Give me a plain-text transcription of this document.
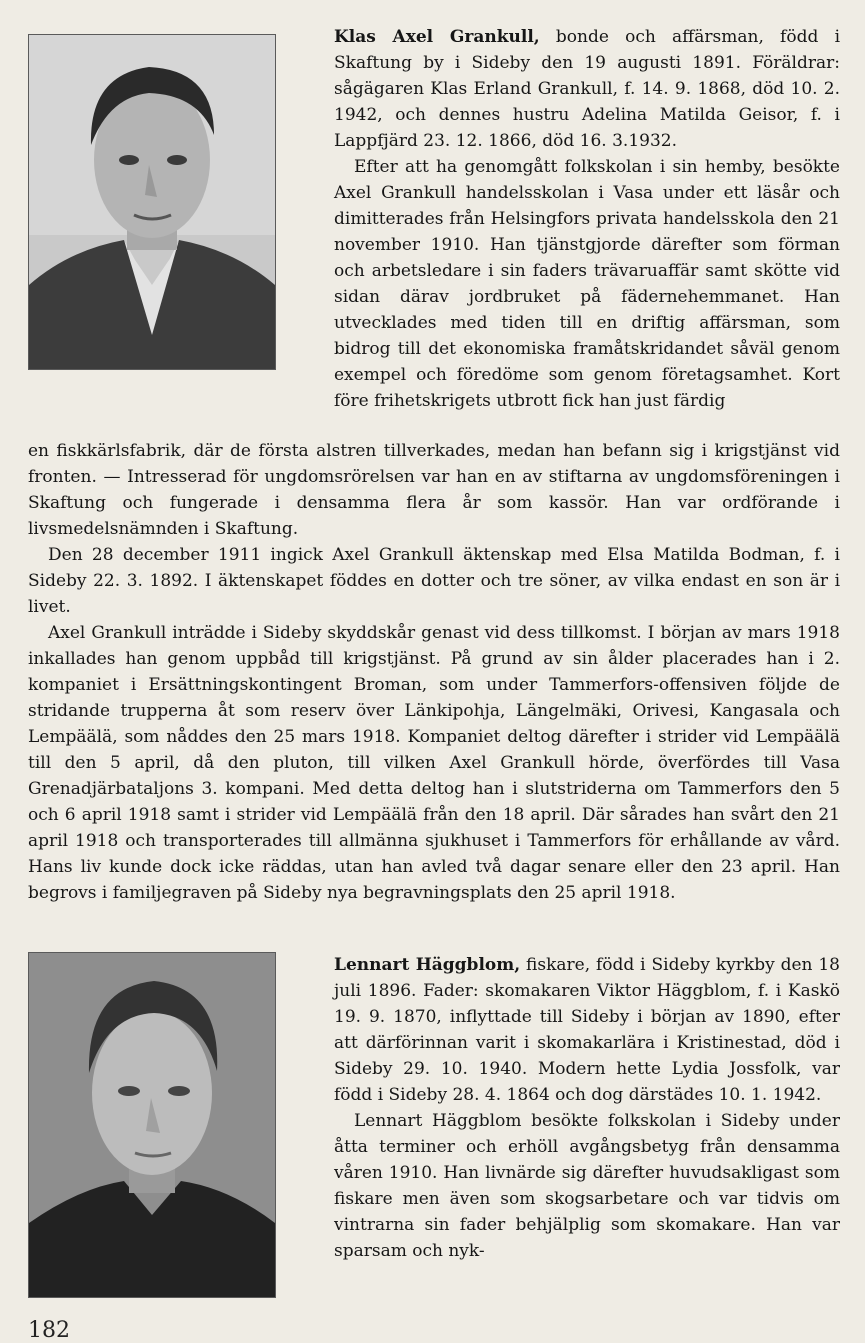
Klas Axel Grankull, bonde och affärsman, född i Skaftung by i Sideby den 19 augusti 1891. Föräldrar: sågägaren Klas Erland Grankull, f. 14. 9. 1868, död 10. 2. 1942, och dennes hustru Adelina Matilda Geisor, f. i Lappfjärd 23. 12. 1866, död 16. 3.1932.
Efter att ha genomgått folkskolan i sin hemby, besökte Axel Grankull handelsskolan i Vasa under ett läsår och dimitterades från Helsingfors privata handelsskola den 21 november 1910. Han tjänstgjorde därefter som förman och arbetsledare i sin faders trävaruaffär samt skötte vid sidan därav jordbruket på fädernehemmanet. Han utvecklades med tiden till en driftig affärsman, som bidrog till det ekonomiska framåtskridandet såväl genom exempel och föredöme som genom företagsamhet. Kort före frihetskrigets utbrott fick han just färdig

en fiskkärlsfabrik, där de första alstren tillverkades, medan han befann sig i krigstjänst vid fronten. — Intresserad för ungdomsrörelsen var han en av stiftarna av ungdomsföreningen i Skaftung och fungerade i densamma flera år som kassör. Han var ordförande i livsmedelsnämnden i Skaftung.
Den 28 december 1911 ingick Axel Grankull äktenskap med Elsa Matilda Bodman, f. i Sideby 22. 3. 1892. I äktenskapet föddes en dotter och tre söner, av vilka endast en son är i livet.
Axel Grankull inträdde i Sideby skyddskår genast vid dess tillkomst. I början av mars 1918 inkallades han genom uppbåd till krigstjänst. På grund av sin ålder placerades han i 2. kompaniet i Ersättningskontingent Broman, som under Tammerfors-offensiven följde de stridande trupperna åt som reserv över Länkipohja, Längelmäki, Orivesi, Kangasala och Lempäälä, som nåddes den 25 mars 1918. Kompaniet deltog därefter i strider vid Lempäälä till den 5 april, då den pluton, till vilken Axel Grankull hörde, överfördes till Vasa Grenadjärbataljons 3. kompani. Med detta deltog han i slutstriderna om Tammerfors den 5 och 6 april 1918 samt i strider vid Lempäälä från den 18 april. Där sårades han svårt den 21 april 1918 och transporterades till allmänna sjukhuset i Tammerfors för erhållande av vård. Hans liv kunde dock icke räddas, utan han avled två dagar senare eller den 23 april. Han begrovs i familjegraven på Sideby nya begravningsplats den 25 april 1918.
Lennart Häggblom, fiskare, född i Sideby kyrkby den 18 juli 1896. Fader: skomakaren Viktor Häggblom, f. i Kaskö 19. 9. 1870, inflyttade till Sideby i början av 1890, efter att därförinnan varit i skomakarlära i Kristinestad, död i Sideby 29. 10. 1940. Modern hette Lydia Jossfolk, var född i Sideby 28. 4. 1864 och dog därstädes 10. 1. 1942.
Lennart Häggblom besökte folkskolan i Sideby under åtta terminer och erhöll avgångsbetyg från densamma våren 1910. Han livnärde sig därefter huvudsakligast som fiskare men även som skogsarbetare och var tidvis om vintrarna sin fader behjälplig som skomakare. Han var sparsam och nyk-
182
